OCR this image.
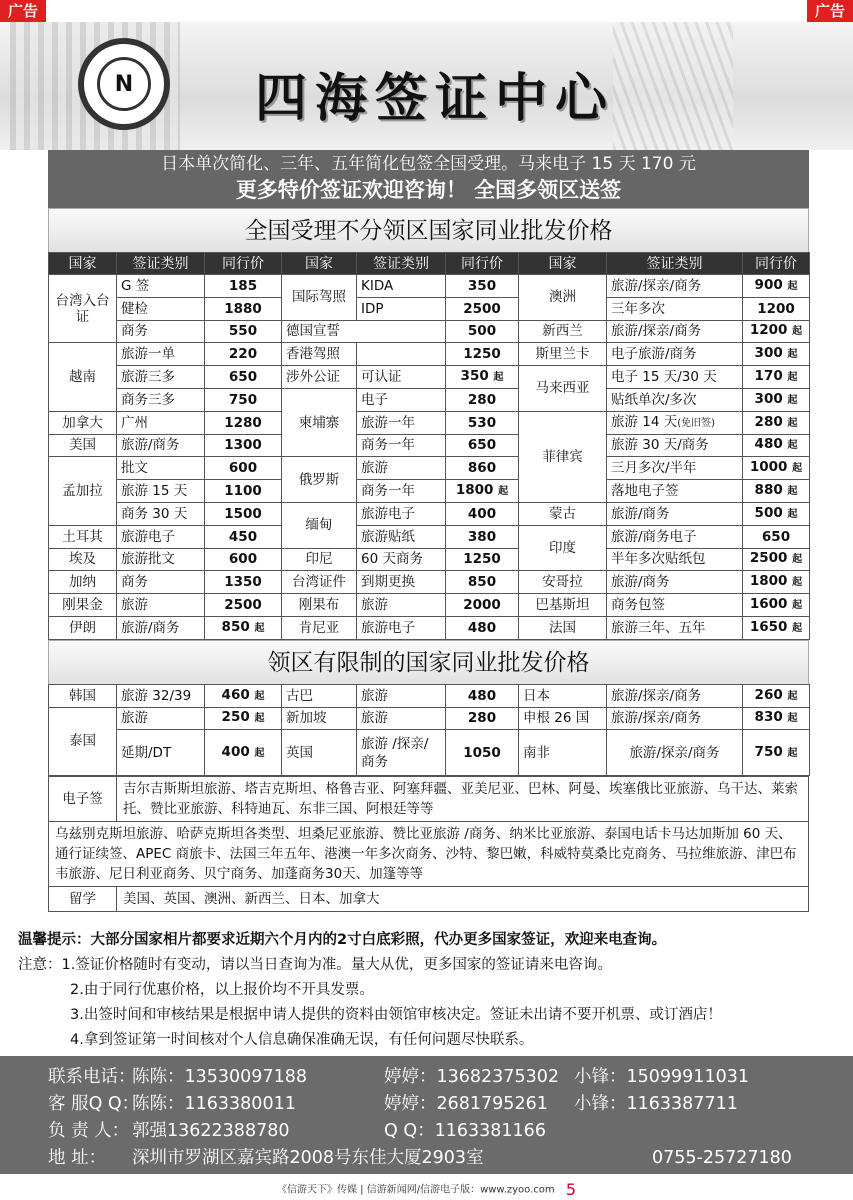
广告	广告
N	四海签证中心
日本单次简化、三年、五年简化包签全国受理。马来电子 15 天 170 元
更多特价签证欢迎咨询！ 全国多领区送签
全国受理不分领区国家同业批发价格
国家	签证类别	同行价	国家	签证类别	同行价	国家	签证类别	同行价
台湾入台证	G 签	185	国际驾照	KIDA	350	澳洲	旅游/探亲/商务	900 起
	健检	1880		IDP	2500		三年多次	1200
	商务	550	德国宣誓		500	新西兰	旅游/探亲/商务	1200 起
越南	旅游一单	220	香港驾照		1250	斯里兰卡	电子旅游/商务	300 起
	旅游三多	650	涉外公证	可认证	350 起	马来西亚	电子 15 天/30 天	170 起
	商务三多	750	柬埔寨	电子	280		贴纸单次/多次	300 起
加拿大	广州	1280		旅游一年	530	菲律宾	旅游 14 天(免旧签)	280 起
美国	旅游/商务	1300		商务一年	650		旅游 30 天/商务	480 起
孟加拉	批文	600	俄罗斯	旅游	860		三月多次/半年	1000 起
	旅游 15 天	1100		商务一年	1800 起		落地电子签	880 起
	商务 30 天	1500	缅甸	旅游电子	400	蒙古	旅游/商务	500 起
土耳其	旅游电子	450		旅游贴纸	380	印度	旅游/商务电子	650
埃及	旅游批文	600	印尼	60 天商务	1250		半年多次贴纸包	2500 起
加纳	商务	1350	台湾证件	到期更换	850	安哥拉	旅游/商务	1800 起
刚果金	旅游	2500	刚果布	旅游	2000	巴基斯坦	商务包签	1600 起
伊朗	旅游/商务	850 起	肯尼亚	旅游电子	480	法国	旅游三年、五年	1650 起
领区有限制的国家同业批发价格
韩国	旅游 32/39	460 起	古巴	旅游	480	日本	旅游/探亲/商务	260 起
泰国	旅游	250 起	新加坡	旅游	280	申根 26 国	旅游/探亲/商务	830 起
	延期/DT	400 起	英国	旅游 /探亲/商务	1050	南非	旅游/探亲/商务	750 起
电子签	吉尔吉斯斯坦旅游、塔吉克斯坦、格鲁吉亚、阿塞拜疆、亚美尼亚、巴林、阿曼、埃塞俄比亚旅游、乌干达、莱索托、赞比亚旅游、科特迪瓦、东非三国、阿根廷等等
乌兹别克斯坦旅游、哈萨克斯坦各类型、坦桑尼亚旅游、赞比亚旅游 /商务、纳米比亚旅游、泰国电话卡马达加斯加 60 天、通行证续签、APEC 商旅卡、法国三年五年、港澳一年多次商务、沙特、黎巴嫩，科威特莫桑比克商务、马拉维旅游、津巴布韦旅游、尼日利亚商务、贝宁商务、加蓬商务30天、加篷等等	
留学	美国、英国、澳洲、新西兰、日本、加拿大
温馨提示：大部分国家相片都要求近期六个月内的2寸白底彩照，代办更多国家签证，欢迎来电查询。
注意：1.签证价格随时有变动，请以当日查询为准。量大从优，更多国家的签证请来电咨询。
2.由于同行优惠价格，以上报价均不开具发票。
3.出签时间和审核结果是根据申请人提供的资料由领馆审核决定。签证未出请不要开机票、或订酒店！
4.拿到签证第一时间核对个人信息确保准确无误，有任何问题尽快联系。
联系电话：
陈陈：13530097188	婷婷：13682375302 小锋：15099911031
客 服Q Q：
陈陈：1163380011	婷婷：2681795261	小锋：1163387711
负 责 人： 郭强13622388780	Q Q：1163381166
地 址：	深圳市罗湖区嘉宾路2008号东佳大厦2903室	0755-25727180
《信游天下》传媒 | 信游新闻网/信游电子版：www.zyoo.com 5
